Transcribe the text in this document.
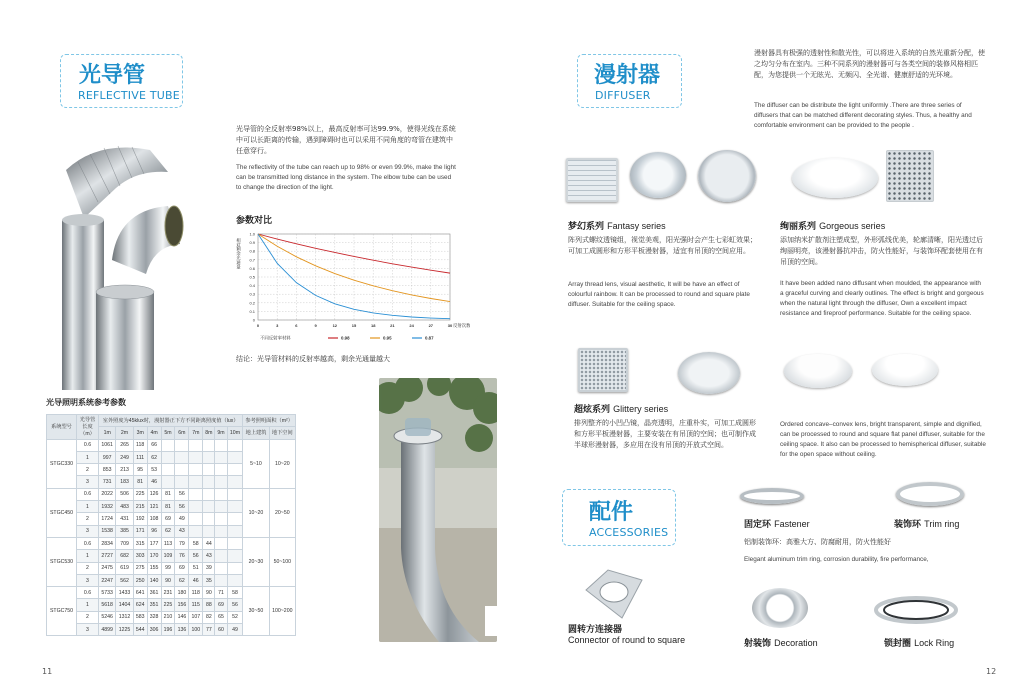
光导管
REFLECTIVE TUBE
光导管的全反射率98%以上，最高反射率可达99.9%，使得光线在系统中可以长距离的传输，遇到障碍时也可以采用不同角度的弯管在建筑中任意穿行。
The reflectivity of the tube can reach up to 98% or even 99.9%, make the light can be transmitted long distance in the system. The elbow tube can be used to change the direction of the light.
参数对比
0
0.1
0.2
0.3
0.4
0.5
0.6
0.7
0.8
0.9
1.0
0	3	6	9	12	15	18	21	24	27	30
相对剩余光通量
反射次数
不同反射率材料	0.98	0.95	0.87
结论：光导管材料的反射率越高，剩余光通量越大
光导照明系统参考参数
系统型号	光导管长度（m）	室外照度为45klux时，漫射器正下方不同距离照度值（lux）										参考照明面积（m²）	
		1m	2m	3m	4m	5m	6m	7m	8m	9m	10m	地上建筑	地下空间
STGC330	0.6	1061	265	118	66							5~10	10~20
	1	997	249	111	62								
	2	853	213	95	53								
	3	731	183	81	46								
STGC450	0.6	2022	506	225	126	81	56					10~20	20~50
	1	1932	483	215	121	81	56						
	2	1724	431	192	108	69	49						
	3	1538	385	171	96	62	43						
STGC530	0.6	2834	709	315	177	113	79	58	44			20~30	50~100
	1	2727	682	303	170	109	76	56	43				
	2	2475	619	275	155	99	69	51	39				
	3	2247	562	250	140	90	62	46	35				
STGC750	0.6	5733	1433	641	361	231	180	118	90	71	58	30~50	100~200
	1	5618	1404	624	351	225	156	115	88	69	56		
	2	5246	1312	583	328	210	146	107	82	65	52		
	3	4899	1225	544	306	196	136	100	77	60	49		
11
漫射器
DIFFUSER
漫射器具有极强的透射性和散光性，可以将进入系统的自然光重新分配，使之均匀分布在室内。三种不同系列的漫射器可与各类空间的装修风格相匹配，为您提供一个无眩光、无频闪、全光谱、健康舒适的光环境。
The diffuser can be distribute the light uniformly .There are three series of diffusers that can be matched different decorating styles. Thus, a healthy and comfortable environment can be provided to the people .
梦幻系列 Fantasy series
阵列式螺纹透镜组，视觉美观，阳光强时会产生七彩虹效果；可加工成圆形和方形平板漫射器，适宜有吊顶的空间应用。
Array thread lens, visual aesthetic, It will be have an effect of colourful rainbow. It can be processed to round and square plate diffuser. Suitable for the ceiling space.
绚丽系列 Gorgeous series
添加纳米扩散剂注塑成型，外形弧线优美，轮廓清晰，阳光透过后绚丽明亮，该漫射器抗冲击，防火性能好，与装饰环配套使用在有吊顶的空间。
It have been added nano diffusant when moulded, the appearance with a graceful curving and clearly outlines. The effect is bright and gorgeous when the natural light through the diffuser, Own a excellent impact resistance and fireproof performance. Suitable for the ceiling space.
超炫系列 Glittery series
排列整齐的小凹凸镜，晶亮透明，庄重朴实，可加工成圆形和方形平板漫射器，主要安装在有吊顶的空间；也可制作成半球形漫射器，多应用在没有吊顶的开放式空间。
Ordered concave–convex lens, bright transparent, simple and dignified, can be processed to round and square flat panel diffuser, suitable for the ceiling space. It also can be processed to hemispherical diffuser, suitable for the open space without ceiling.
配件
ACCESSORIES
固定环 Fastener	装饰环 Trim ring
铝制装饰环：高雅大方、防腐耐用，防火性能好
Elegant aluminum trim ring, corrosion durability, fire performance,
圆转方连接器
Connector of round to square	射装饰 Decoration	锁封圈 Lock Ring
12
